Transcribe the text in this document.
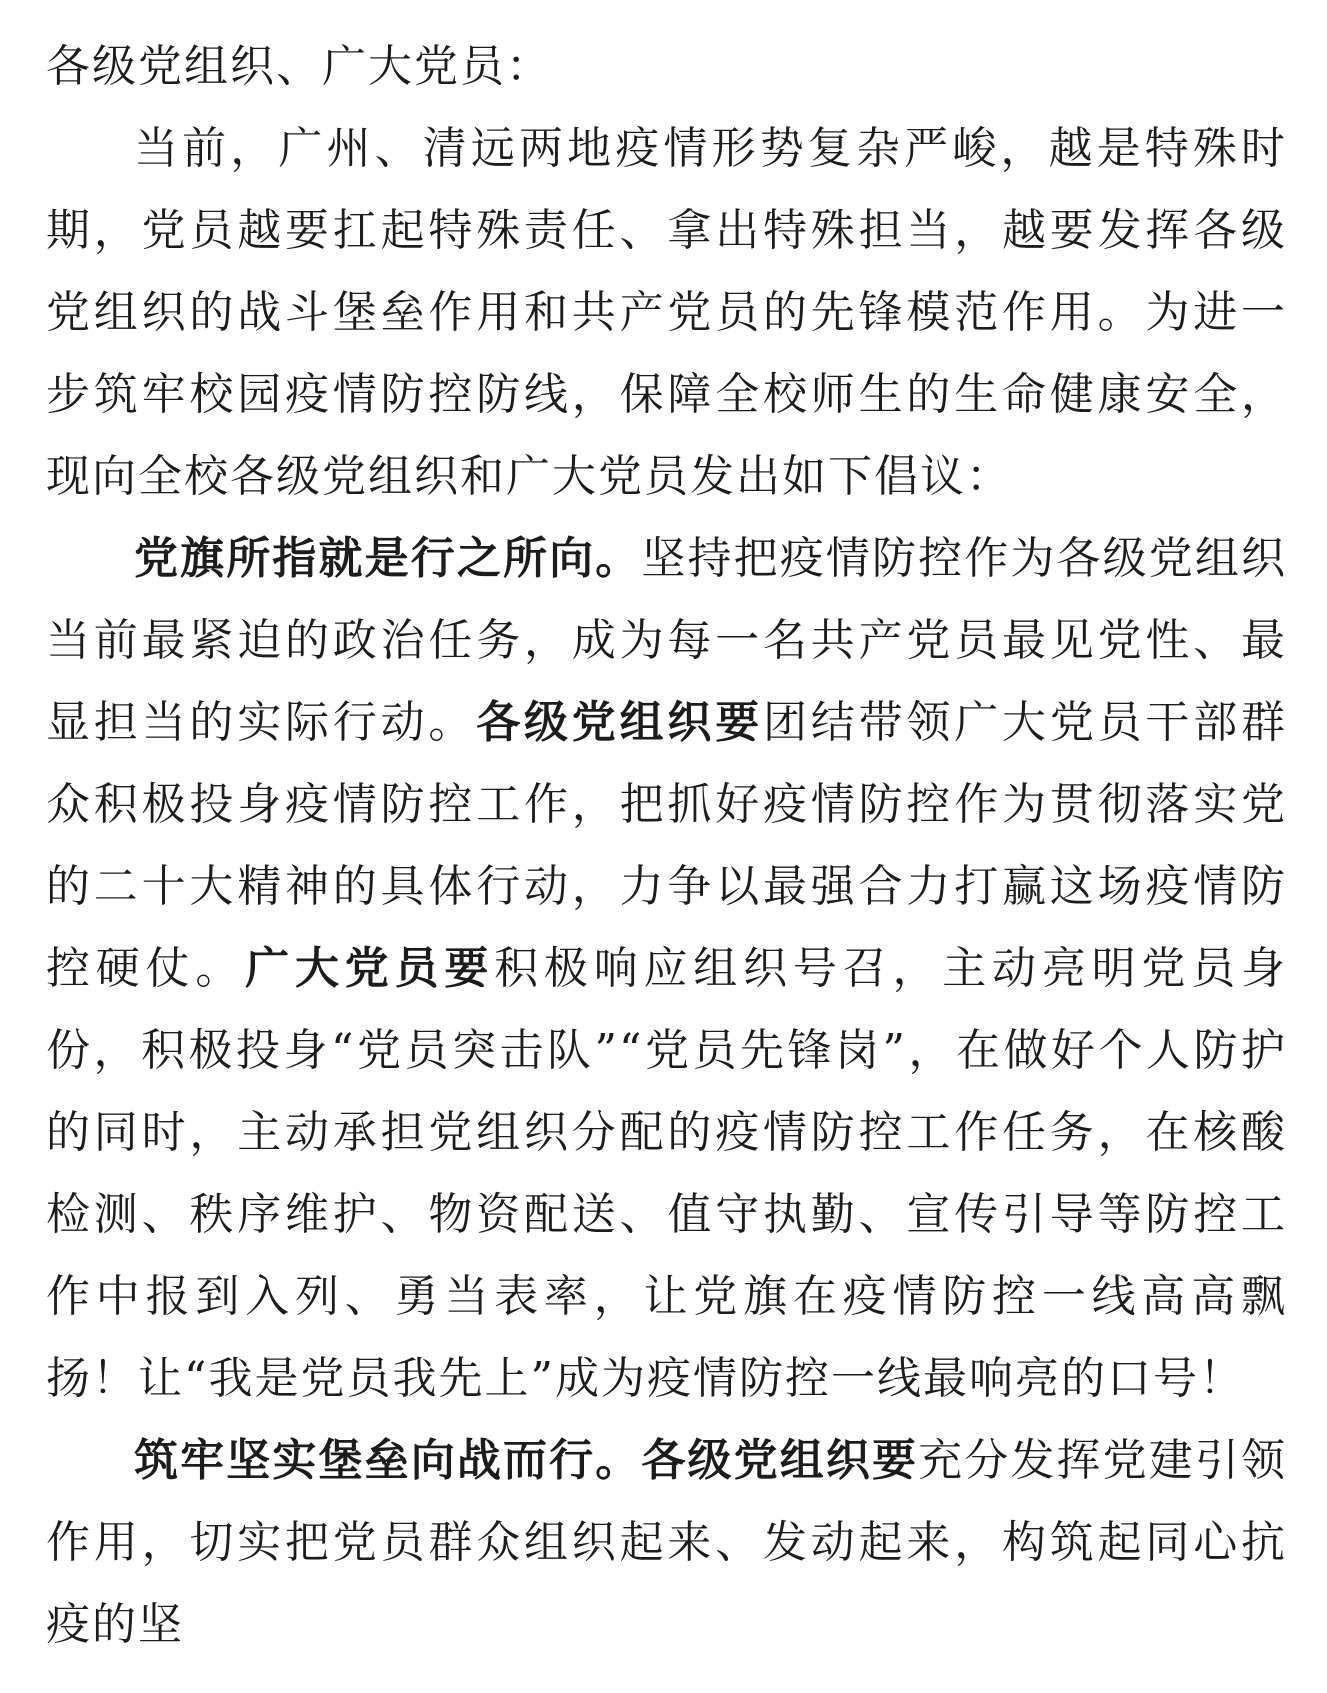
各级党组织、广大党员：

当前，广州、清远两地疫情形势复杂严峻，越是特殊时期，党员越要扛起特殊责任、拿出特殊担当，越要发挥各级党组织的战斗堡垒作用和共产党员的先锋模范作用。为进一步筑牢校园疫情防控防线，保障全校师生的生命健康安全，现向全校各级党组织和广大党员发出如下倡议：

党旗所指就是行之所向。坚持把疫情防控作为各级党组织当前最紧迫的政治任务，成为每一名共产党员最见党性、最显担当的实际行动。各级党组织要团结带领广大党员干部群众积极投身疫情防控工作，把抓好疫情防控作为贯彻落实党的二十大精神的具体行动，力争以最强合力打赢这场疫情防控硬仗。广大党员要积极响应组织号召，主动亮明党员身份，积极投身“党员突击队”“党员先锋岗”，在做好个人防护的同时，主动承担党组织分配的疫情防控工作任务，在核酸检测、秩序维护、物资配送、值守执勤、宣传引导等防控工作中报到入列、勇当表率，让党旗在疫情防控一线高高飘扬！让“我是党员我先上”成为疫情防控一线最响亮的口号！

筑牢坚实堡垒向战而行。各级党组织要充分发挥党建引领作用，切实把党员群众组织起来、发动起来，构筑起同心抗疫的坚
